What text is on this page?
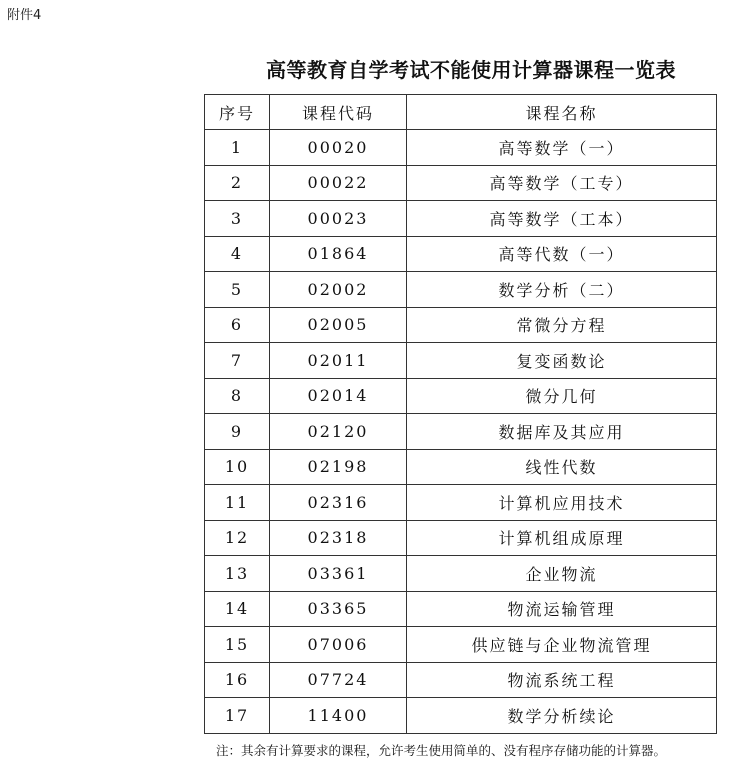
附件4
高等教育自学考试不能使用计算器课程一览表
序号	课程代码	课程名称
1	00020	高等数学（一）
2	00022	高等数学（工专）
3	00023	高等数学（工本）
4	01864	高等代数（一）
5	02002	数学分析（二）
6	02005	常微分方程
7	02011	复变函数论
8	02014	微分几何
9	02120	数据库及其应用
10	02198	线性代数
11	02316	计算机应用技术
12	02318	计算机组成原理
13	03361	企业物流
14	03365	物流运输管理
15	07006	供应链与企业物流管理
16	07724	物流系统工程
17	11400	数学分析续论
注：其余有计算要求的课程，允许考生使用简单的、没有程序存储功能的计算器。
